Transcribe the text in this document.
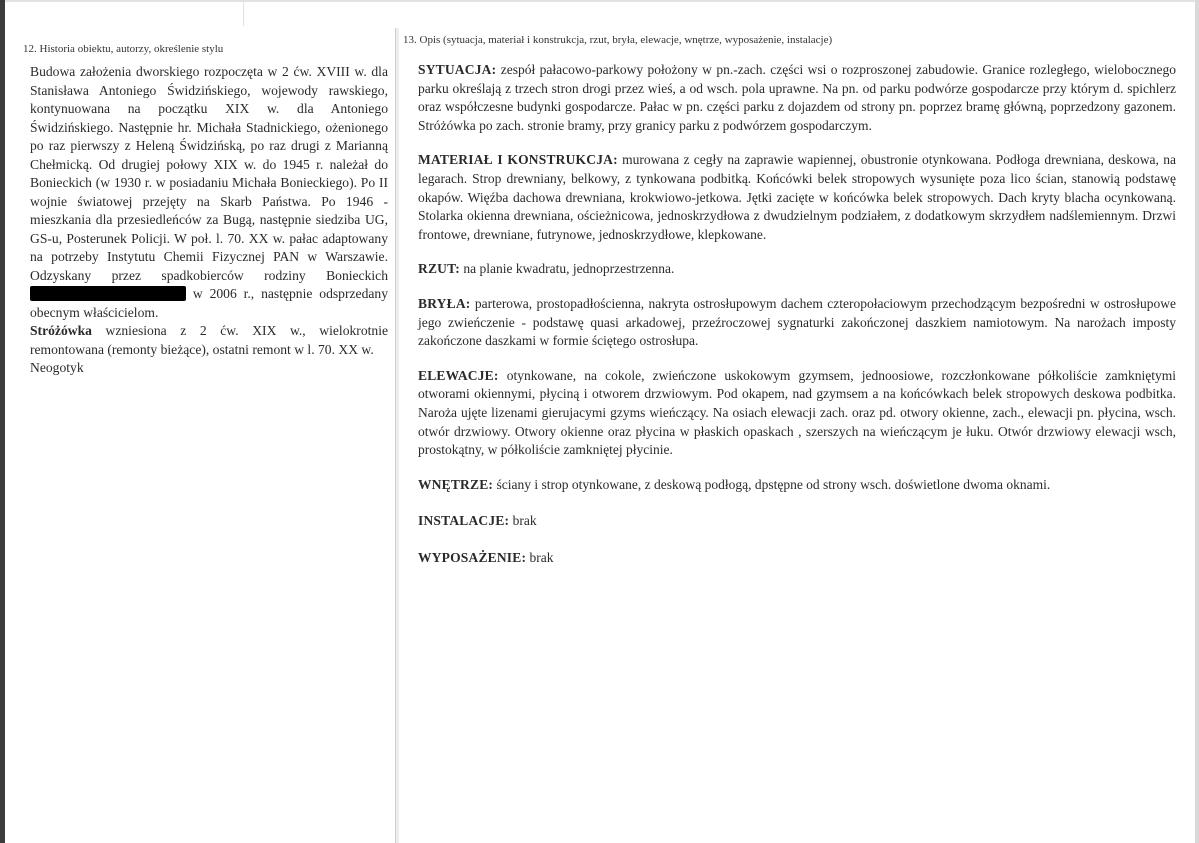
12. Historia obiektu, autorzy, określenie stylu

Budowa założenia dworskiego rozpoczęta w 2 ćw. XVIII w. dla Stanisława Antoniego Świdzińskiego, wojewody rawskiego, kontynuowana na początku XIX w. dla Antoniego Świdzińskiego. Następnie hr. Michała Stadnickiego, ożenionego po raz pierwszy z Heleną Świdzińską, po raz drugi z Marianną Chełmicką. Od drugiej połowy XIX w. do 1945 r. należał do Bonieckich (w 1930 r. w posiadaniu Michała Bonieckiego). Po II wojnie światowej przejęty na Skarb Państwa. Po 1946 - mieszkania dla przesiedleńców za Bugą, następnie siedziba UG, GS-u, Posterunek Policji. W poł. l. 70. XX w. pałac adaptowany na potrzeby Instytutu Chemii Fizycznej PAN w Warszawie. Odzyskany przez spadkobierców rodziny Bonieckich  w 2006 r., następnie odsprzedany obecnym właścicielom.

Stróżówka wzniesiona z 2 ćw. XIX w., wielokrotnie remontowana (remonty bieżące), ostatni remont w l. 70. XX w.

Neogotyk

13. Opis (sytuacja, materiał i konstrukcja, rzut, bryła, elewacje, wnętrze, wyposażenie, instalacje)

SYTUACJA: zespół pałacowo-parkowy położony w pn.-zach. części wsi o rozproszonej zabudowie. Granice rozległego, wielobocznego parku określają z trzech stron drogi przez wieś, a od wsch. pola uprawne. Na pn. od parku podwórze gospodarcze przy którym d. spichlerz oraz współczesne budynki gospodarcze. Pałac w pn. części parku z dojazdem od strony pn. poprzez bramę główną, poprzedzony gazonem. Stróżówka po zach. stronie bramy, przy granicy parku z podwórzem gospodarczym.

MATERIAŁ I KONSTRUKCJA: murowana z cegły na zaprawie wapiennej, obustronie otynkowana. Podłoga drewniana, deskowa, na legarach. Strop drewniany, belkowy, z tynkowana podbitką. Końcówki belek stropowych wysunięte poza lico ścian, stanowią podstawę okapów. Więźba dachowa drewniana, krokwiowo-jetkowa. Jętki zacięte w końcówka belek stropowych. Dach kryty blacha ocynkowaną. Stolarka okienna drewniana, ościeżnicowa, jednoskrzydłowa z dwudzielnym podziałem, z dodatkowym skrzydłem nadślemiennym. Drzwi frontowe, drewniane, futrynowe, jednoskrzydłowe, klepkowane.

RZUT: na planie kwadratu, jednoprzestrzenna.

BRYŁA: parterowa, prostopadłościenna, nakryta ostrosłupowym dachem czteropołaciowym przechodzącym bezpośredni w ostrosłupowe jego zwieńczenie - podstawę quasi arkadowej, przeźroczowej sygnaturki zakończonej daszkiem namiotowym. Na narożach imposty zakończone daszkami w formie ściętego ostrosłupa.

ELEWACJE: otynkowane, na cokole, zwieńczone uskokowym gzymsem, jednoosiowe, rozczłonkowane półkoliście zamkniętymi otworami okiennymi, płyciną i otworem drzwiowym. Pod okapem, nad gzymsem a na końcówkach belek stropowych deskowa podbitka. Naroża ujęte lizenami gierujacymi gzyms wieńczący. Na osiach elewacji zach. oraz pd. otwory okienne, zach., elewacji pn. płycina, wsch. otwór drzwiowy. Otwory okienne oraz płycina w płaskich opaskach , szerszych na wieńczącym je łuku. Otwór drzwiowy elewacji wsch, prostokątny, w półkoliście zamkniętej płycinie.

WNĘTRZE: ściany i strop otynkowane, z deskową podłogą, dpstępne od strony wsch. doświetlone dwoma oknami.

INSTALACJE: brak

WYPOSAŻENIE: brak
